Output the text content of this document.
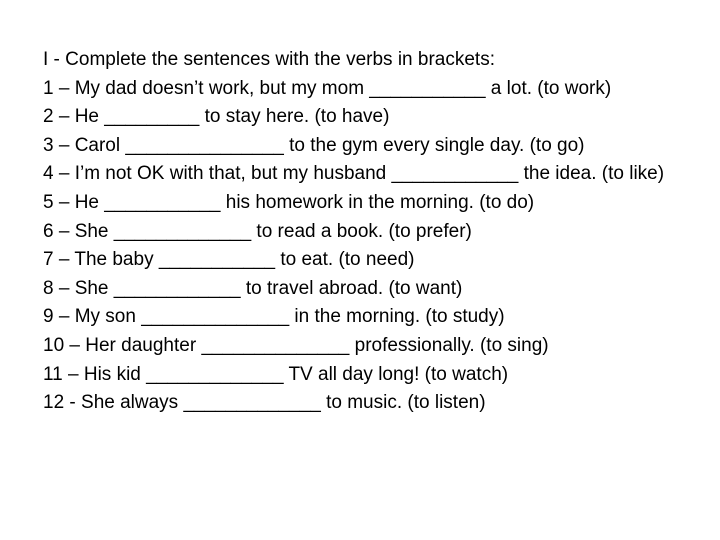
I - Complete the sentences with the verbs in brackets:

1 – My dad doesn’t work, but my mom ___________ a lot. (to work)

2 – He _________ to stay here. (to have)

3 – Carol _______________ to the gym every single day. (to go)

4 – I’m not OK with that, but my husband ____________ the idea. (to like)

5 – He ___________ his homework in the morning. (to do)

6 – She _____________ to read a book. (to prefer)

7 – The baby ___________ to eat. (to need)

8 – She ____________ to travel abroad. (to want)

9 – My son ______________ in the morning. (to study)

10 – Her daughter ______________ professionally. (to sing)

11 – His kid _____________ TV all day long! (to watch)

12 - She always _____________ to music. (to listen)
